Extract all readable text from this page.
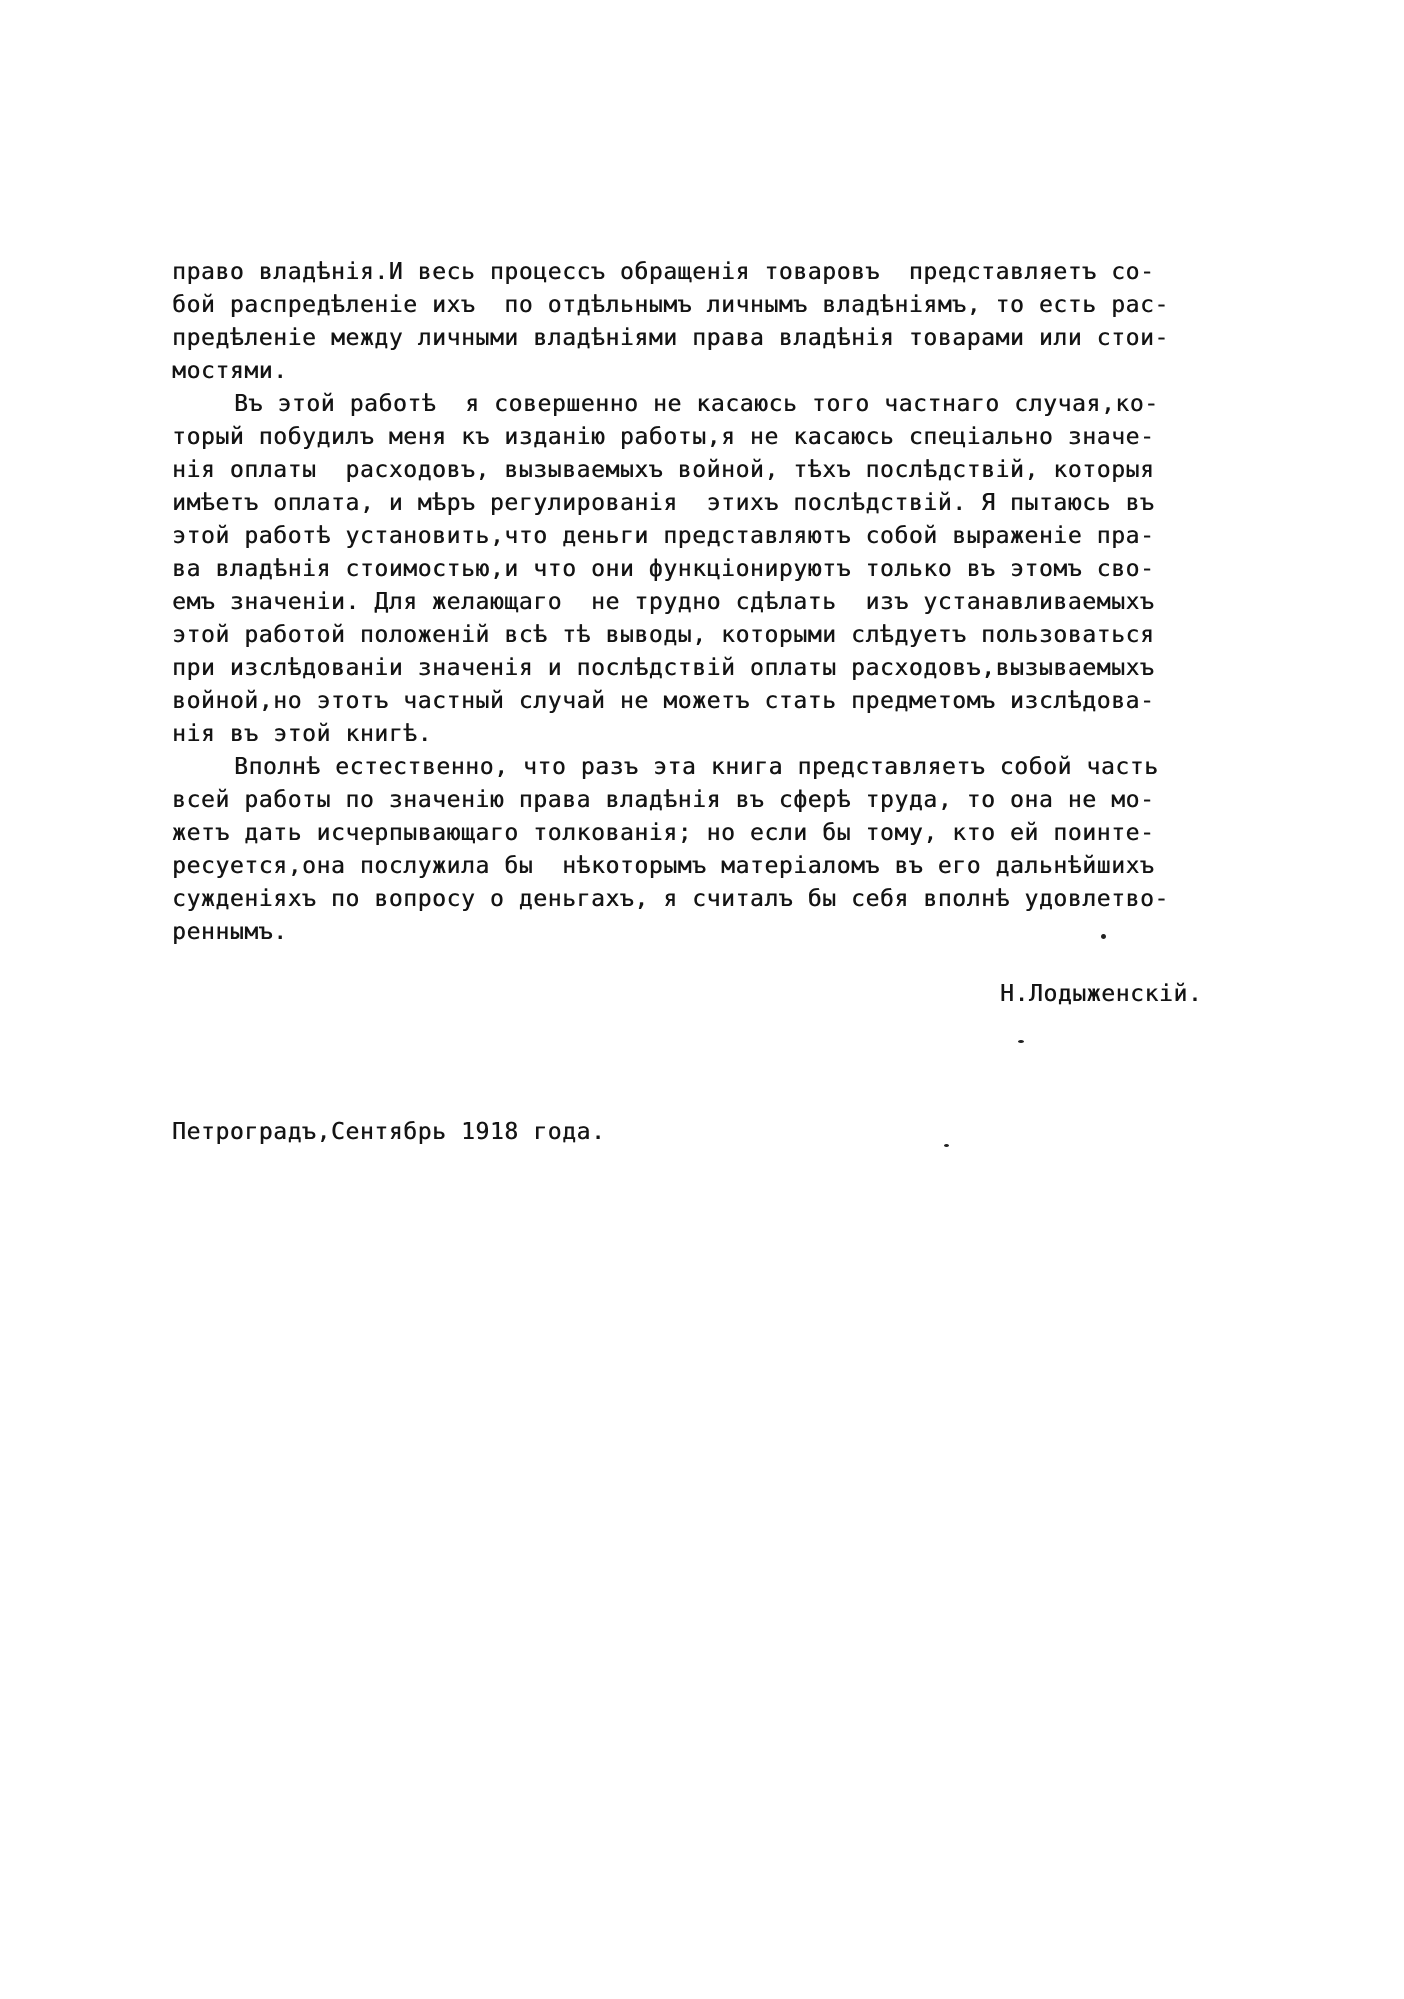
право владѣнія.И весь процессъ обращенія товаровъ  представляетъ со-
бой распредѣленіе ихъ  по отдѣльнымъ личнымъ владѣніямъ, то есть рас-
предѣленіе между личными владѣніями права владѣнія товарами или стои-
мостями.
Въ этой работѣ  я совершенно не касаюсь того частнаго случая,ко-
торый побудилъ меня къ изданію работы,я не касаюсь спеціально значе-
нія оплаты  расходовъ, вызываемыхъ войной, тѣхъ послѣдствій, которыя
имѣетъ оплата, и мѣръ регулированія  этихъ послѣдствій. Я пытаюсь въ
этой работѣ установить,что деньги представляютъ собой выраженіе пра-
ва владѣнія стоимостью,и что они функціонируютъ только въ этомъ сво-
емъ значеніи. Для желающаго  не трудно сдѣлать  изъ устанавливаемыхъ
этой работой положеній всѣ тѣ выводы, которыми слѣдуетъ пользоваться
при изслѣдованіи значенія и послѣдствій оплаты расходовъ,вызываемыхъ
войной,но этотъ частный случай не можетъ стать предметомъ изслѣдова-
нія въ этой книгѣ.
Вполнѣ естественно, что разъ эта книга представляетъ собой часть
всей работы по значенію права владѣнія въ сферѣ труда, то она не мо-
жетъ дать исчерпывающаго толкованія; но если бы тому, кто ей поинте-
ресуется,она послужила бы  нѣкоторымъ матеріаломъ въ его дальнѣйшихъ
сужденіяхъ по вопросу о деньгахъ, я считалъ бы себя вполнѣ удовлетво-
реннымъ.
Н.Лодыженскій.
Петроградъ,Сентябрь 1918 года.
